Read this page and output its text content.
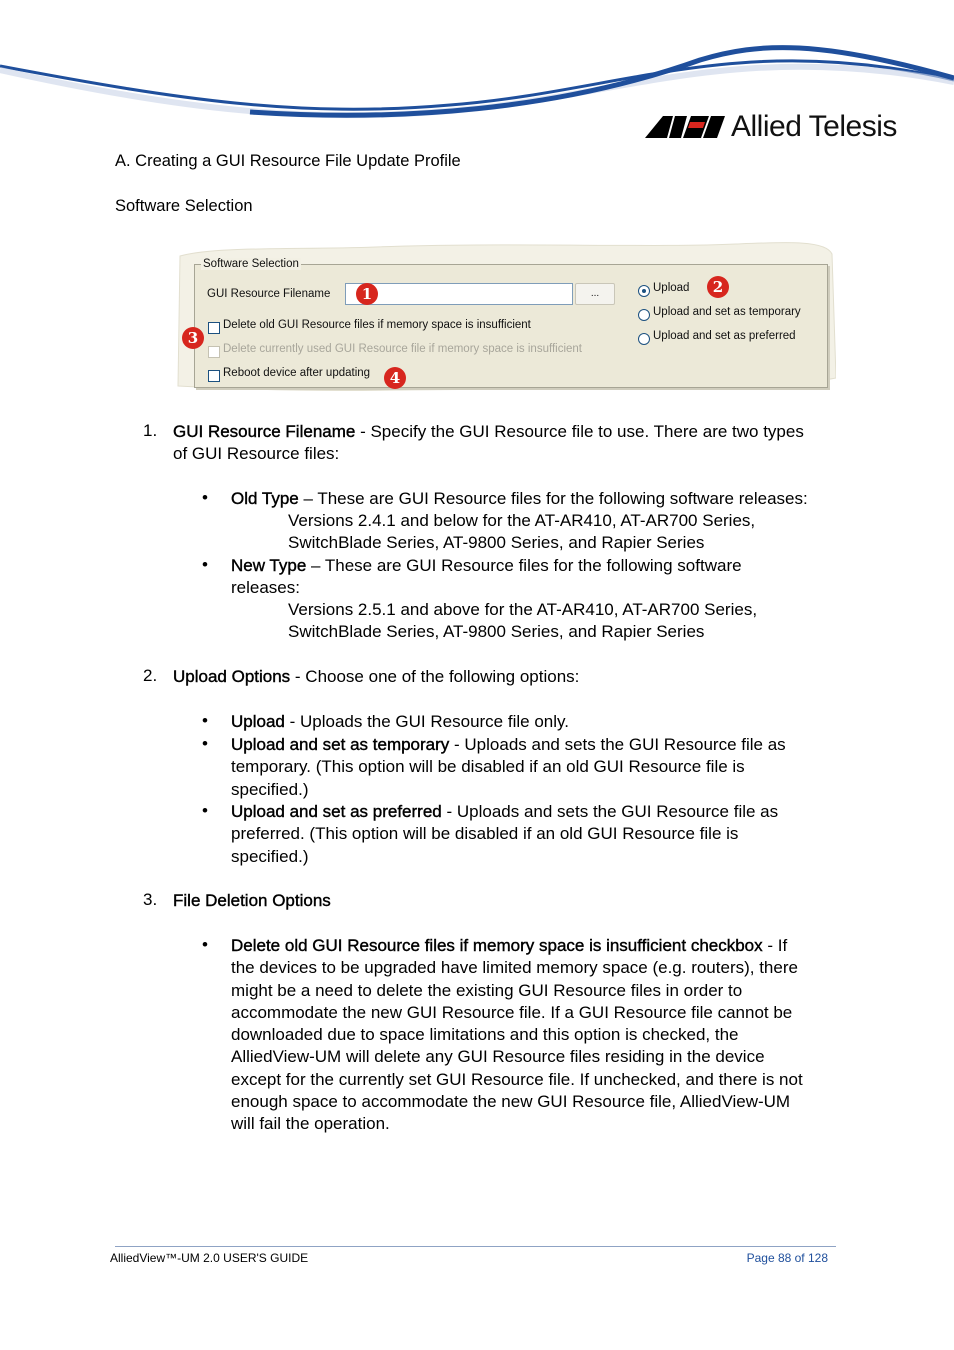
Allied Telesis
A. Creating a GUI Resource File Update Profile
Software Selection
Software Selection
GUI Resource Filename	...
Delete old GUI Resource files if memory space is insufficient
Delete currently used GUI Resource file if memory space is insufficient
Reboot device after updating
Upload
Upload and set as temporary
Upload and set as preferred
1	2
3
4
1. GUI Resource Filename - Specify the GUI Resource file to use. There are two types
of GUI Resource files:
• Old Type – These are GUI Resource files for the following software releases:
Versions 2.4.1 and below for the AT-AR410, AT-AR700 Series,
SwitchBlade Series, AT-9800 Series, and Rapier Series
• New Type – These are GUI Resource files for the following software
releases:
Versions 2.5.1 and above for the AT-AR410, AT-AR700 Series,
SwitchBlade Series, AT-9800 Series, and Rapier Series
2. Upload Options - Choose one of the following options:
• Upload - Uploads the GUI Resource file only.
• Upload and set as temporary - Uploads and sets the GUI Resource file as
temporary. (This option will be disabled if an old GUI Resource file is
specified.)
• Upload and set as preferred - Uploads and sets the GUI Resource file as
preferred. (This option will be disabled if an old GUI Resource file is
specified.)
3. File Deletion Options
• Delete old GUI Resource files if memory space is insufficient checkbox - If
the devices to be upgraded have limited memory space (e.g. routers), there
might be a need to delete the existing GUI Resource files in order to
accommodate the new GUI Resource file. If a GUI Resource file cannot be
downloaded due to space limitations and this option is checked, the
AlliedView-UM will delete any GUI Resource files residing in the device
except for the currently set GUI Resource file. If unchecked, and there is not
enough space to accommodate the new GUI Resource file, AlliedView-UM
will fail the operation.
AlliedView™-UM 2.0 USER'S GUIDE	Page 88 of 128
